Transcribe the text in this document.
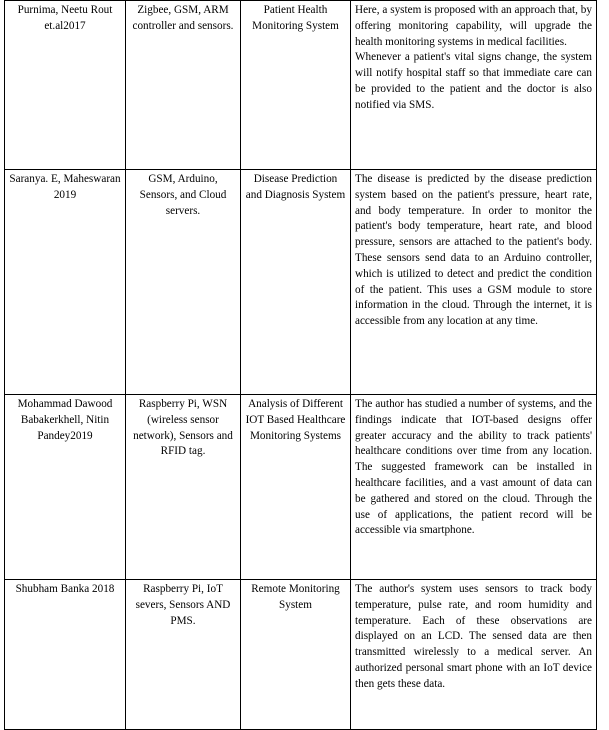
Purnima, Neetu Rout et.al2017	Zigbee, GSM, ARM controller and sensors.	Patient Health Monitoring System	Here, a system is proposed with an approach that, by offering monitoring capability, will upgrade the health monitoring systems in medical facilities.
Whenever a patient's vital signs change, the system will notify hospital staff so that immediate care can be provided to the patient and the doctor is also notified via SMS.

Saranya. E, Maheswaran 2019	GSM, Arduino, Sensors, and Cloud servers.	Disease Prediction and Diagnosis System	The disease is predicted by the disease prediction system based on the patient's pressure, heart rate, and body temperature. In order to monitor the patient's body temperature, heart rate, and blood pressure, sensors are attached to the patient's body. These sensors send data to an Arduino controller, which is utilized to detect and predict the condition of the patient. This uses a GSM module to store information in the cloud. Through the internet, it is accessible from any location at any time.

Mohammad Dawood Babakerkhell, Nitin Pandey2019	Raspberry Pi, WSN (wireless sensor network), Sensors and RFID tag.	Analysis of Different IOT Based Healthcare Monitoring Systems	The author has studied a number of systems, and the findings indicate that IOT-based designs offer greater accuracy and the ability to track patients' healthcare conditions over time from any location. The suggested framework can be installed in healthcare facilities, and a vast amount of data can be gathered and stored on the cloud. Through the use of applications, the patient record will be accessible via smartphone.

Shubham Banka 2018	Raspberry Pi, IoT severs, Sensors AND PMS.	Remote Monitoring System	The author's system uses sensors to track body temperature, pulse rate, and room humidity and temperature. Each of these observations are displayed on an LCD. The sensed data are then transmitted wirelessly to a medical server. An authorized personal smart phone with an IoT device then gets these data.
